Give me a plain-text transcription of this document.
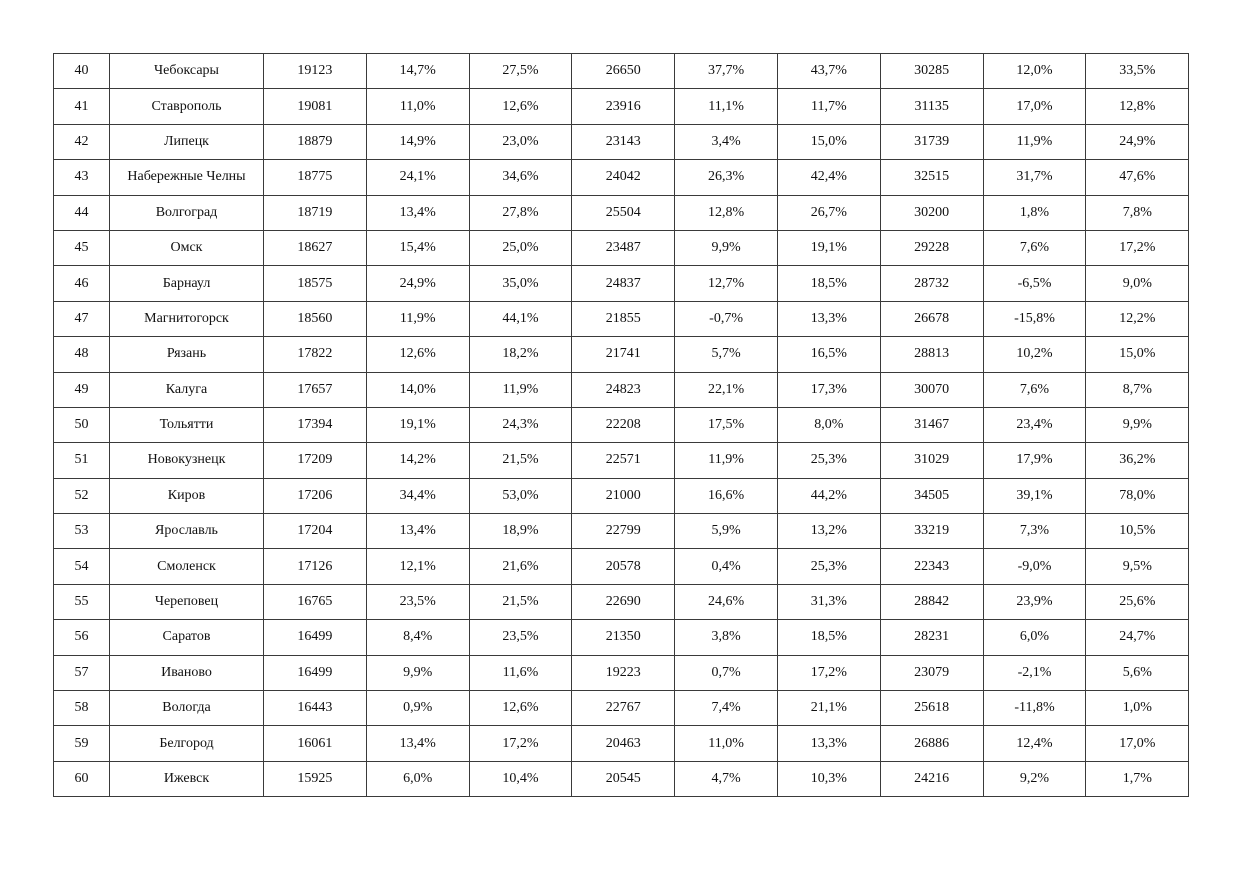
40	Чебоксары	19123	14,7%	27,5%	26650	37,7%	43,7%	30285	12,0%	33,5%
41	Ставрополь	19081	11,0%	12,6%	23916	11,1%	11,7%	31135	17,0%	12,8%
42	Липецк	18879	14,9%	23,0%	23143	3,4%	15,0%	31739	11,9%	24,9%
43	Набережные Челны	18775	24,1%	34,6%	24042	26,3%	42,4%	32515	31,7%	47,6%
44	Волгоград	18719	13,4%	27,8%	25504	12,8%	26,7%	30200	1,8%	7,8%
45	Омск	18627	15,4%	25,0%	23487	9,9%	19,1%	29228	7,6%	17,2%
46	Барнаул	18575	24,9%	35,0%	24837	12,7%	18,5%	28732	-6,5%	9,0%
47	Магнитогорск	18560	11,9%	44,1%	21855	-0,7%	13,3%	26678	-15,8%	12,2%
48	Рязань	17822	12,6%	18,2%	21741	5,7%	16,5%	28813	10,2%	15,0%
49	Калуга	17657	14,0%	11,9%	24823	22,1%	17,3%	30070	7,6%	8,7%
50	Тольятти	17394	19,1%	24,3%	22208	17,5%	8,0%	31467	23,4%	9,9%
51	Новокузнецк	17209	14,2%	21,5%	22571	11,9%	25,3%	31029	17,9%	36,2%
52	Киров	17206	34,4%	53,0%	21000	16,6%	44,2%	34505	39,1%	78,0%
53	Ярославль	17204	13,4%	18,9%	22799	5,9%	13,2%	33219	7,3%	10,5%
54	Смоленск	17126	12,1%	21,6%	20578	0,4%	25,3%	22343	-9,0%	9,5%
55	Череповец	16765	23,5%	21,5%	22690	24,6%	31,3%	28842	23,9%	25,6%
56	Саратов	16499	8,4%	23,5%	21350	3,8%	18,5%	28231	6,0%	24,7%
57	Иваново	16499	9,9%	11,6%	19223	0,7%	17,2%	23079	-2,1%	5,6%
58	Вологда	16443	0,9%	12,6%	22767	7,4%	21,1%	25618	-11,8%	1,0%
59	Белгород	16061	13,4%	17,2%	20463	11,0%	13,3%	26886	12,4%	17,0%
60	Ижевск	15925	6,0%	10,4%	20545	4,7%	10,3%	24216	9,2%	1,7%
